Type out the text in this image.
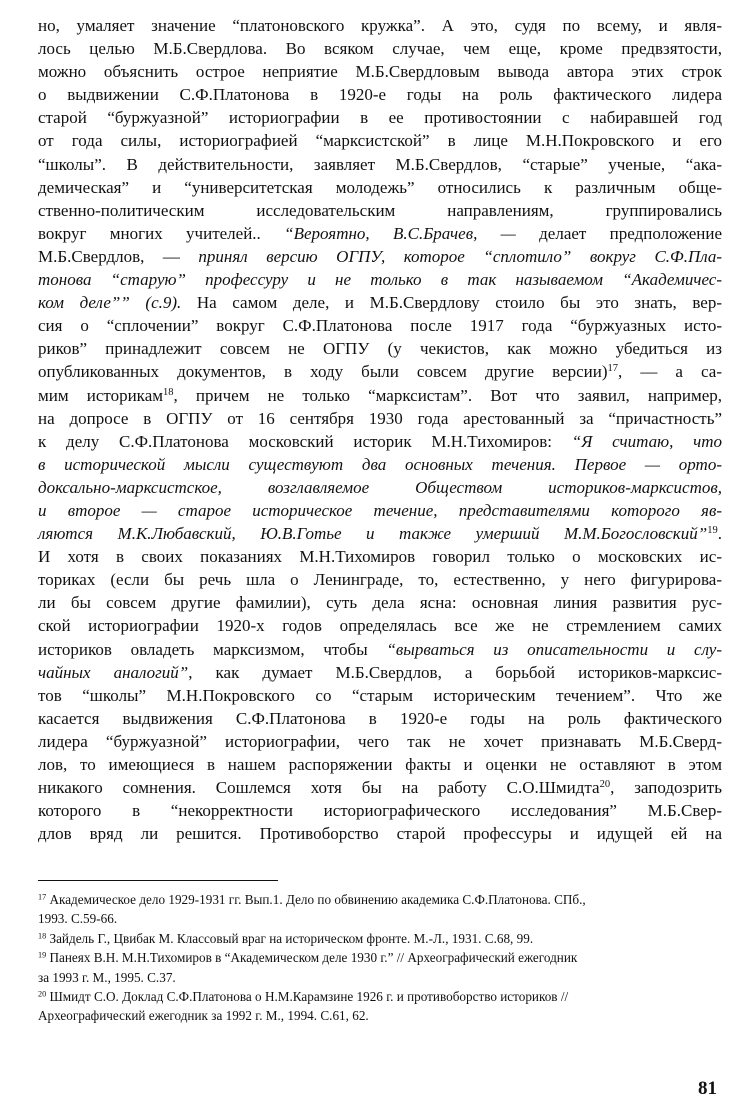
но, умаляет значение “платоновского кружка”. А это, судя по всему, и явля-
лось целью М.Б.Свердлова. Во всяком случае, чем еще, кроме предвзятости,
можно объяснить острое неприятие М.Б.Свердловым вывода автора этих строк
о выдвижении С.Ф.Платонова в 1920-е годы на роль фактического лидера
старой “буржуазной” историографии в ее противостоянии с набиравшей год
от года силы, историографией “марксистской” в лице М.Н.Покровского и его
“школы”. В действительности, заявляет М.Б.Свердлов, “старые” ученые, “ака-
демическая” и “университетская молодежь” относились к различным обще-
ственно-политическим исследовательским направлениям, группировались
вокруг многих учителей.. “Вероятно, В.С.Брачев, — делает предположение
М.Б.Свердлов, — принял версию ОГПУ, которое “сплотило” вокруг С.Ф.Пла-
тонова “старую” профессуру и не только в так называемом “Академичес-
ком деле”” (с.9). На самом деле, и М.Б.Свердлову стоило бы это знать, вер-
сия о “сплочении” вокруг С.Ф.Платонова после 1917 года “буржуазных исто-
риков” принадлежит совсем не ОГПУ (у чекистов, как можно убедиться из
опубликованных документов, в ходу были совсем другие версии)$^{17}$, — а са-
мим историкам$^{18}$, причем не только “марксистам”. Вот что заявил, например,
на допросе в ОГПУ от 16 сентября 1930 года арестованный за “причастность”
к делу С.Ф.Платонова московский историк М.Н.Тихомиров: “Я считаю, что
в исторической мысли существуют два основных течения. Первое — орто-
доксально-марксистское, возглавляемое Обществом историков-марксистов,
и второе — старое историческое течение, представителями которого яв-
ляются М.К.Любавский, Ю.В.Готье и также умерший М.М.Богословский”$^{19}$.
И хотя в своих показаниях М.Н.Тихомиров говорил только о московских ис-
ториках (если бы речь шла о Ленинграде, то, естественно, у него фигурирова-
ли бы совсем другие фамилии), суть дела ясна: основная линия развития рус-
ской историографии 1920-х годов определялась все же не стремлением самих
историков овладеть марксизмом, чтобы “вырваться из описательности и слу-
чайных аналогий”, как думает М.Б.Свердлов, а борьбой историков-марксис-
тов “школы” М.Н.Покровского со “старым историческим течением”. Что же
касается выдвижения С.Ф.Платонова в 1920-е годы на роль фактического
лидера “буржуазной” историографии, чего так не хочет признавать М.Б.Сверд-
лов, то имеющиеся в нашем распоряжении факты и оценки не оставляют в этом
никакого сомнения. Сошлемся хотя бы на работу С.О.Шмидта$^{20}$, заподозрить
которого в “некорректности историографического исследования” М.Б.Свер-
длов вряд ли решится. Противоборство старой профессуры и идущей ей на
$^{17}$ Академическое дело 1929-1931 гг. Вып.1. Дело по обвинению академика С.Ф.Платонова. СПб.,
1993. С.59-66.
$^{18}$ Зайдель Г., Цвибак М. Классовый враг на историческом фронте. М.-Л., 1931. С.68, 99.
$^{19}$ Панеях В.Н. М.Н.Тихомиров в “Академическом деле 1930 г.” // Археографический ежегодник
за 1993 г. М., 1995. С.37.
$^{20}$ Шмидт С.О. Доклад С.Ф.Платонова о Н.М.Карамзине 1926 г. и противоборство историков //
Археографический ежегодник за 1992 г. М., 1994. С.61, 62.
81
